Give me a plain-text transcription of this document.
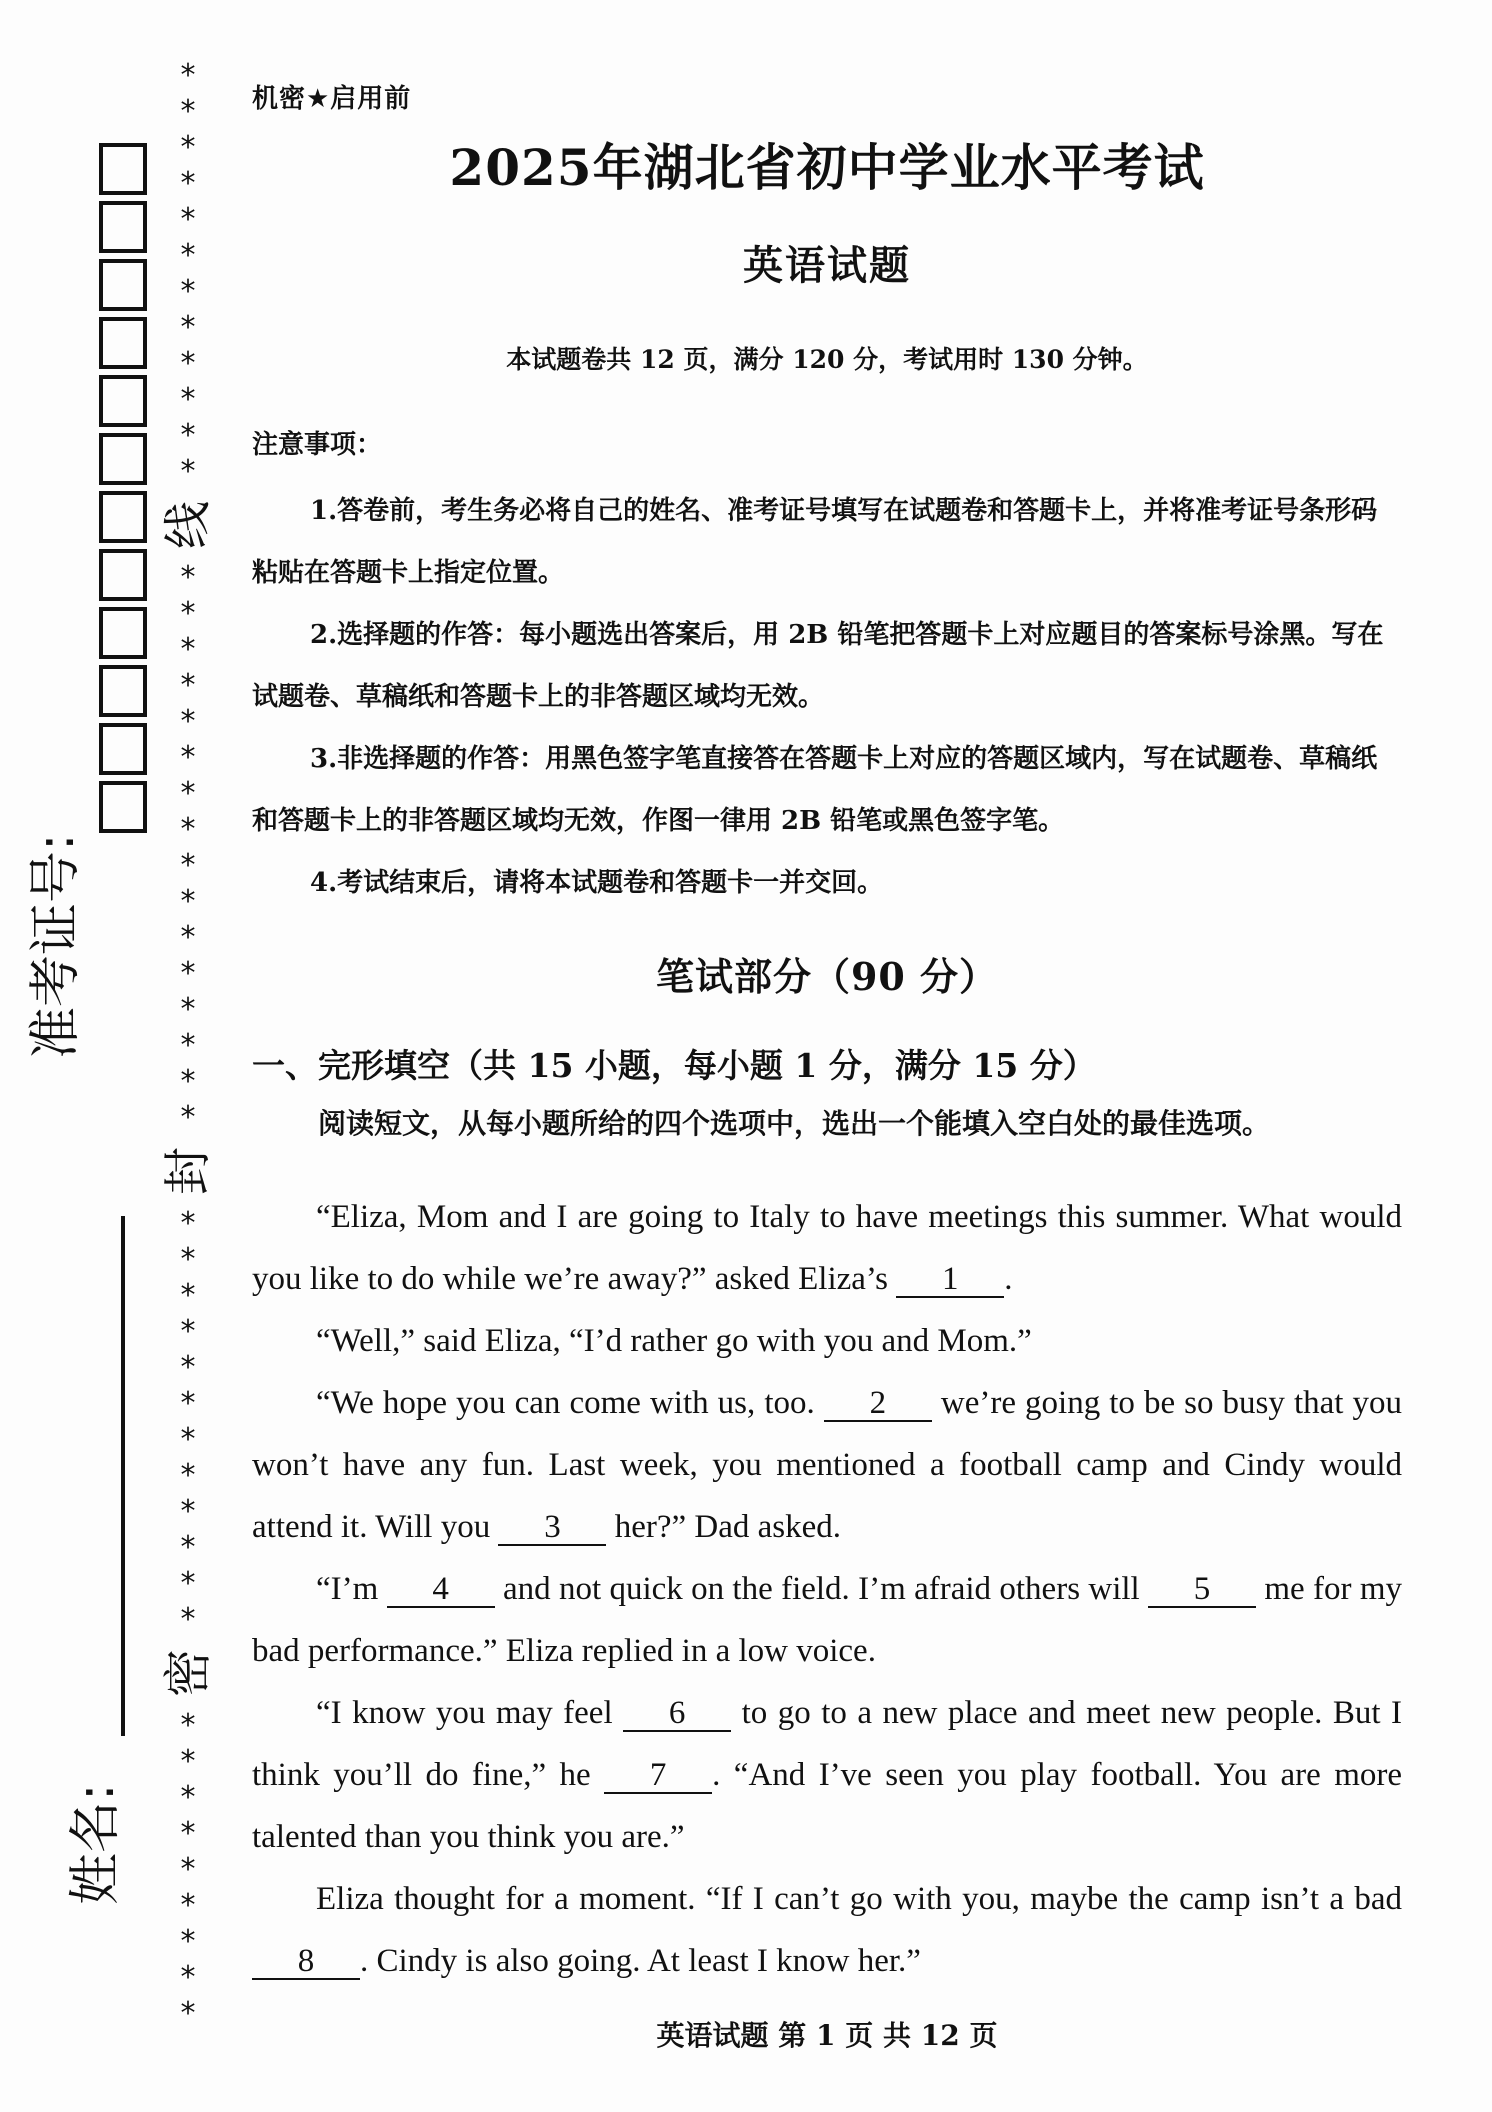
准考证号:
姓名:
*
*
*
*
*
*
*
*
*
*
*
*
线
*
*
*
*
*
*
*
*
*
*
*
*
*
*
*
*
封
*
*
*
*
*
*
*
*
*
*
*
*
密
*
*
*
*
*
*
*
*
*
机密★启用前
2025年湖北省初中学业水平考试
英语试题
本试题卷共 12 页，满分 120 分，考试用时 130 分钟。
注意事项：

1.答卷前，考生务必将自己的姓名、准考证号填写在试题卷和答题卡上，并将准考证号条形码粘贴在答题卡上指定位置。

2.选择题的作答：每小题选出答案后，用 2B 铅笔把答题卡上对应题目的答案标号涂黑。写在试题卷、草稿纸和答题卡上的非答题区域均无效。

3.非选择题的作答：用黑色签字笔直接答在答题卡上对应的答题区域内，写在试题卷、草稿纸和答题卡上的非答题区域均无效，作图一律用 2B 铅笔或黑色签字笔。

4.考试结束后，请将本试题卷和答题卡一并交回。

笔试部分（90 分）
一、完形填空（共 15 小题，每小题 1 分，满分 15 分）
阅读短文，从每小题所给的四个选项中，选出一个能填入空白处的最佳选项。

“Eliza, Mom and I are going to Italy to have meetings this summer. What would you like to do while we’re away?” asked Eliza’s 1 .

“Well,” said Eliza, “I’d rather go with you and Mom.”

“We hope you can come with us, too. 2 we’re going to be so busy that you won’t have any fun. Last week, you mentioned a football camp and Cindy would attend it. Will you 3 her?” Dad asked.

“I’m 4 and not quick on the field. I’m afraid others will 5 me for my bad performance.” Eliza replied in a low voice.

“I know you may feel 6 to go to a new place and meet new people. But I think you’ll do fine,” he 7 . “And I’ve seen you play football. You are more talented than you think you are.”

Eliza thought for a moment. “If I can’t go with you, maybe the camp isn’t a bad 8 . Cindy is also going. At least I know her.”

英语试题 第 1 页 共 12 页
